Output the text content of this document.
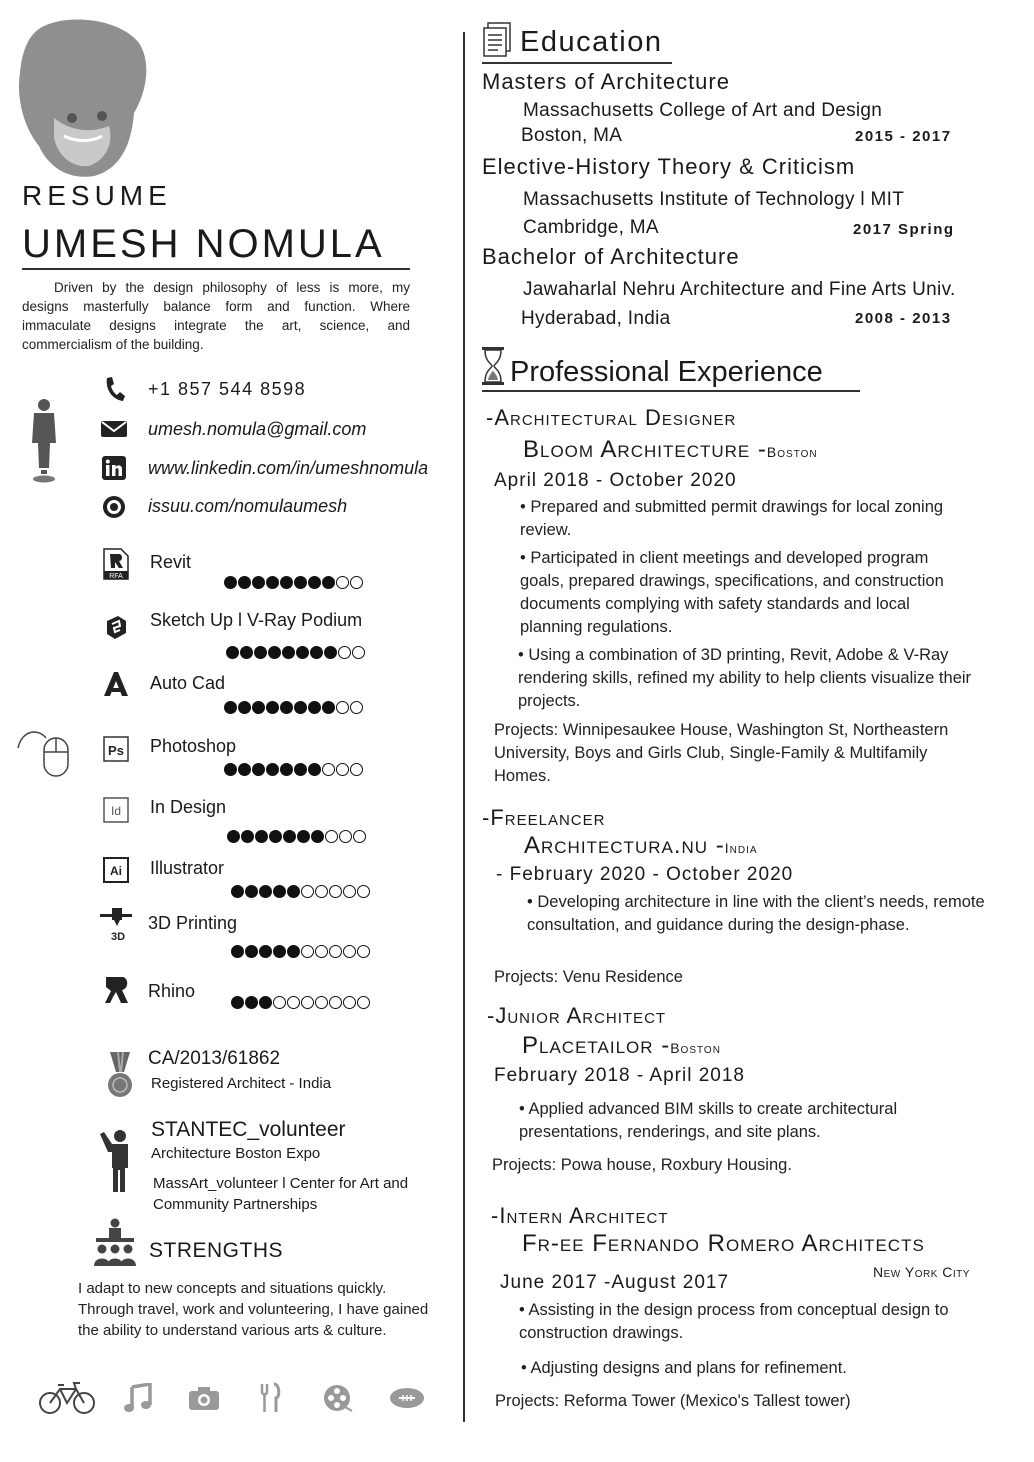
RESUME
UMESH NOMULA
Driven by the design philosophy of less is more, my designs masterfully balance form and function. Where immaculate designs integrate the art, science, and commercialism of the building.
+1 857 544 8598
umesh.nomula@gmail.com
www.linkedin.com/in/umeshnomula
issuu.com/nomulaumesh
RFA
Revit
Sketch Up l V-Ray Podium
Auto Cad
Ps Photoshop
Id In Design
Ai Illustrator
3D
3D Printing
Rhino
CA/2013/61862
Registered Architect - India
STANTEC_volunteer
Architecture Boston Expo
MassArt_volunteer l Center for Art and Community Partnerships
STRENGTHS
I adapt to new concepts and situations quickly. Through travel, work and volunteering, I have gained the ability to understand various arts & culture.
Education
Masters of Architecture
Massachusetts College of Art and Design
Boston, MA	2015 - 2017
Elective-History Theory & Criticism
Massachusetts Institute of Technology l MIT
Cambridge, MA	2017 Spring
Bachelor of Architecture
Jawaharlal Nehru Architecture and Fine Arts Univ.
Hyderabad, India	2008 - 2013
Professional Experience
-Architectural Designer
Bloom Architecture -Boston
April 2018 - October 2020
• Prepared and submitted permit drawings for local zoning review.
• Participated in client meetings and developed program goals, prepared drawings, specifications, and construction documents complying with safety standards and local planning regulations.
• Using a combination of 3D printing, Revit, Adobe & V-Ray rendering skills, refined my ability to help clients visualize their projects.
Projects: Winnipesaukee House, Washington St, Northeastern University, Boys and Girls Club, Single-Family & Multifamily Homes.
-Freelancer
Architectura.nu -India
- February 2020 - October 2020
• Developing architecture in line with the client’s needs, remote consultation, and guidance during the design-phase.
Projects: Venu Residence
-Junior Architect
Placetailor -Boston
February 2018 - April 2018
• Applied advanced BIM skills to create architectural presentations, renderings, and site plans.
Projects: Powa house, Roxbury Housing.
-Intern Architect
Fr-ee Fernando Romero Architects
New York City
June 2017 -August 2017
• Assisting in the design process from conceptual design to construction drawings.
• Adjusting designs and plans for refinement.
Projects: Reforma Tower (Mexico's Tallest tower)
